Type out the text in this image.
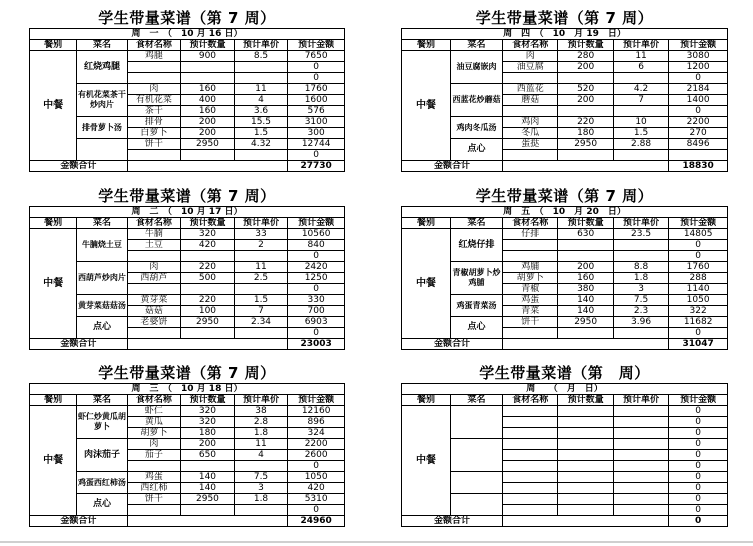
学生带量菜谱（第 7 周）
周　一　（　10 月 16 日）					
餐别	菜名	食材名称	预计数量	预计单价	预计金额
中餐	红烧鸡腿	鸡腿	900	8.5	7650
					0
					0
	有机花菜茶干炒肉片	肉	160	11	1760
		有机花菜	400	4	1600
		茶干	160	3.6	576
	排骨萝卜汤	排骨	200	15.5	3100
		白萝卜	200	1.5	300
		饼干	2950	4.32	12744
					0
金额合计					27730
学生带量菜谱（第 7 周）
周　四　（　10　月 19　日）					
餐别	菜名	食材名称	预计数量	预计单价	预计金额
中餐	油豆腐嵌肉	肉	280	11	3080
		油豆腐	200	6	1200
					0
	西蓝花炒蘑菇	西蓝花	520	4.2	2184
		蘑菇	200	7	1400
					0
	鸡肉冬瓜汤	鸡肉	220	10	2200
		冬瓜	180	1.5	270
	点心	蛋挞	2950	2.88	8496

金额合计					18830
学生带量菜谱（第 7 周）
周　二　（　10 月 17 日）					
餐别	菜名	食材名称	预计数量	预计单价	预计金额
中餐	牛腩烧土豆	牛腩	320	33	10560
		土豆	420	2	840
					0
	西葫芦炒肉片	肉	220	11	2420
		西葫芦	500	2.5	1250
					0
	黄芽菜菇菇汤	黄芽菜	220	1.5	330
		菇菇	100	7	700
	点心	老婆饼	2950	2.34	6903
					0
金额合计					23003
学生带量菜谱（第 7 周）
周　五　（　10　月 20　日）					
餐别	菜名	食材名称	预计数量	预计单价	预计金额
中餐	红烧仔排	仔排	630	23.5	14805
					0
					0
	青椒胡萝卜炒鸡脯	鸡脯	200	8.8	1760
		胡萝卜	160	1.8	288
		青椒	380	3	1140
	鸡蛋青菜汤	鸡蛋	140	7.5	1050
		青菜	140	2.3	322
	点心	饼干	2950	3.96	11682
					0
金额合计					31047
学生带量菜谱（第 7 周）
周　三　（　10 月 18 日）					
餐别	菜名	食材名称	预计数量	预计单价	预计金额
中餐	虾仁炒黄瓜胡萝卜	虾仁	320	38	12160
		黄瓜	320	2.8	896
		胡萝卜	180	1.8	324
	肉沫茄子	肉	200	11	2200
		茄子	650	4	2600
					0
	鸡蛋西红柿汤	鸡蛋	140	7.5	1050
		西红柿	140	3	420
	点心	饼干	2950	1.8	5310
					0
金额合计					24960
学生带量菜谱（第　周）
周　　（　月　日）					
餐别	菜名	食材名称	预计数量	预计单价	预计金额
中餐					0
					0
					0
					0
					0
					0
					0
					0
					0
					0
金额合计					0
